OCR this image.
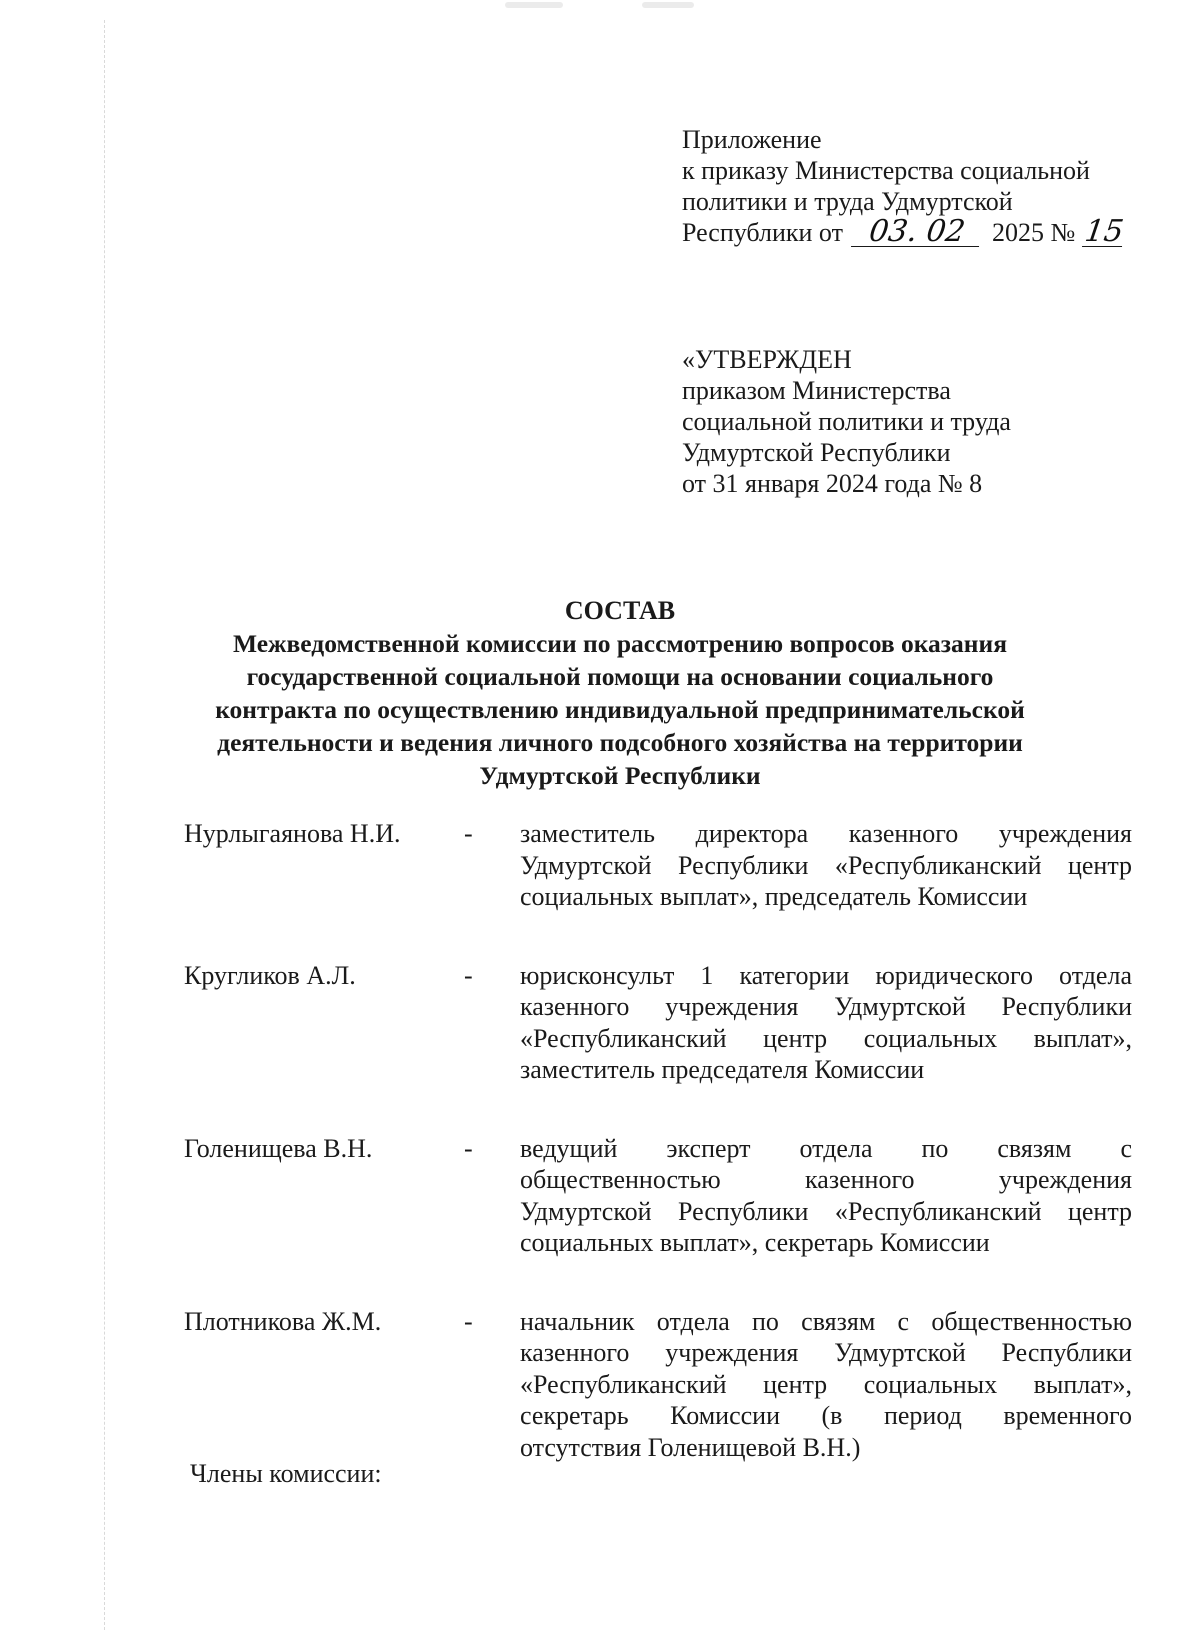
Приложение
к приказу Министерства социальной
политики и труда Удмуртской
Республики от 03. 02 2025 № 15
«УТВЕРЖДЕН
приказом Министерства
социальной политики и труда
Удмуртской Республики
от 31 января 2024 года № 8
СОСТАВ
Межведомственной комиссии по рассмотрению вопросов оказания
государственной социальной помощи на основании социального
контракта по осуществлению индивидуальной предпринимательской
деятельности и ведения личного подсобного хозяйства на территории
Удмуртской Республики
Нурлыгаянова Н.И.	-	заместитель директора казенного учреждения
Удмуртской Республики «Республиканский центр
социальных выплат», председатель Комиссии
Кругликов А.Л.	-	юрисконсульт 1 категории юридического отдела
казенного учреждения Удмуртской Республики
«Республиканский центр социальных выплат»,
заместитель председателя Комиссии
Голенищева В.Н.	-	ведущий эксперт отдела по связям с
общественностью казенного учреждения
Удмуртской Республики «Республиканский центр
социальных выплат», секретарь Комиссии
Плотникова Ж.М.	-	начальник отдела по связям с общественностью
казенного учреждения Удмуртской Республики
«Республиканский центр социальных выплат»,
секретарь Комиссии (в период временного
отсутствия Голенищевой В.Н.)
Члены комиссии:
